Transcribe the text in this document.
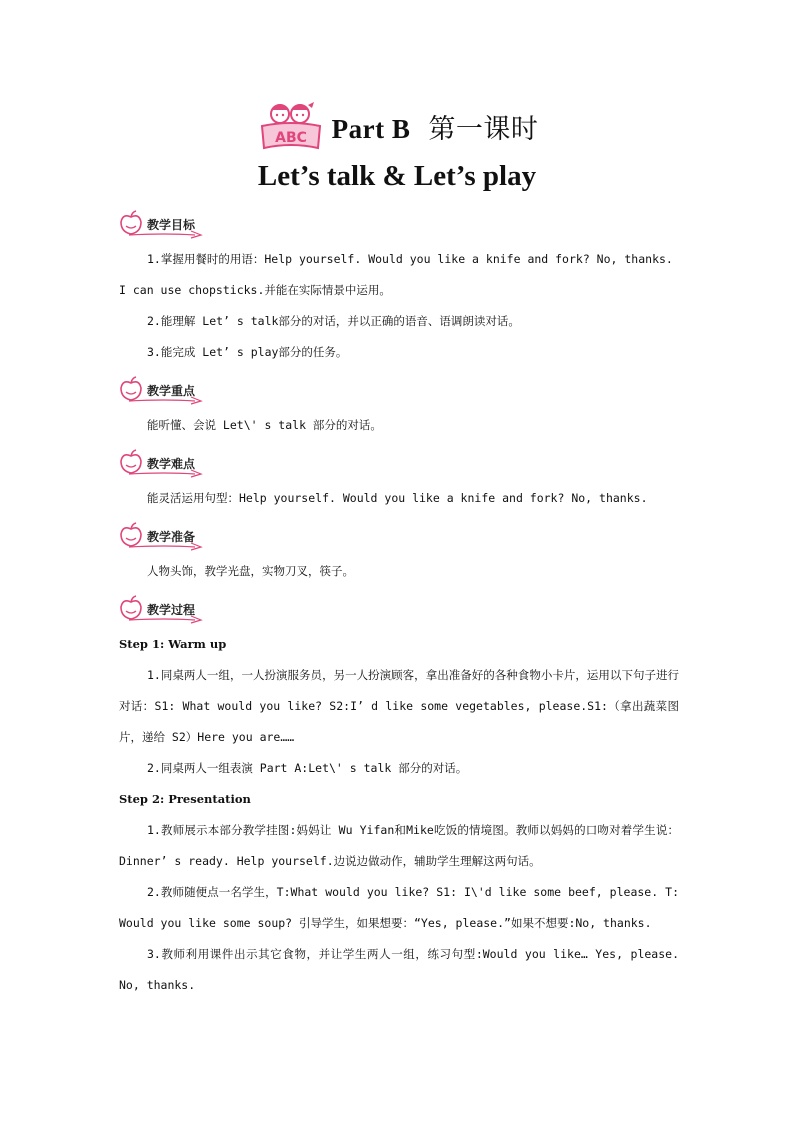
ABC Part B 第一课时
Let’s talk & Let’s play
教学目标

1.掌握用餐时的用语：Help yourself. Would you like a knife and fork? No, thanks.

I can use chopsticks.并能在实际情景中运用。

2.能理解 Let’ s talk部分的对话，并以正确的语音、语调朗读对话。

3.能完成 Let’ s play部分的任务。

教学重点

能听懂、会说 Let\' s talk 部分的对话。

教学难点

能灵活运用句型：Help yourself. Would you like a knife and fork? No, thanks.

教学准备

人物头饰，教学光盘，实物刀叉，筷子。

教学过程

Step 1: Warm up

1.同桌两人一组，一人扮演服务员，另一人扮演顾客，拿出准备好的各种食物小卡片，运用以下句子进行对话：S1: What would you like? S2:I’ d like some vegetables, please.S1:（拿出蔬菜图片，递给 S2）Here you are……

2.同桌两人一组表演 Part A:Let\' s talk 部分的对话。

Step 2: Presentation

1.教师展示本部分教学挂图:妈妈让 Wu Yifan和Mike吃饭的情境图。教师以妈妈的口吻对着学生说：Dinner’ s ready. Help yourself.边说边做动作，辅助学生理解这两句话。

2.教师随便点一名学生，T:What would you like? S1: I\'d like some beef, please. T: Would you like some soup? 引导学生，如果想要：“Yes, please.”如果不想要:No, thanks.

3.教师利用课件出示其它食物，并让学生两人一组，练习句型:Would you like… Yes, please. No, thanks.
